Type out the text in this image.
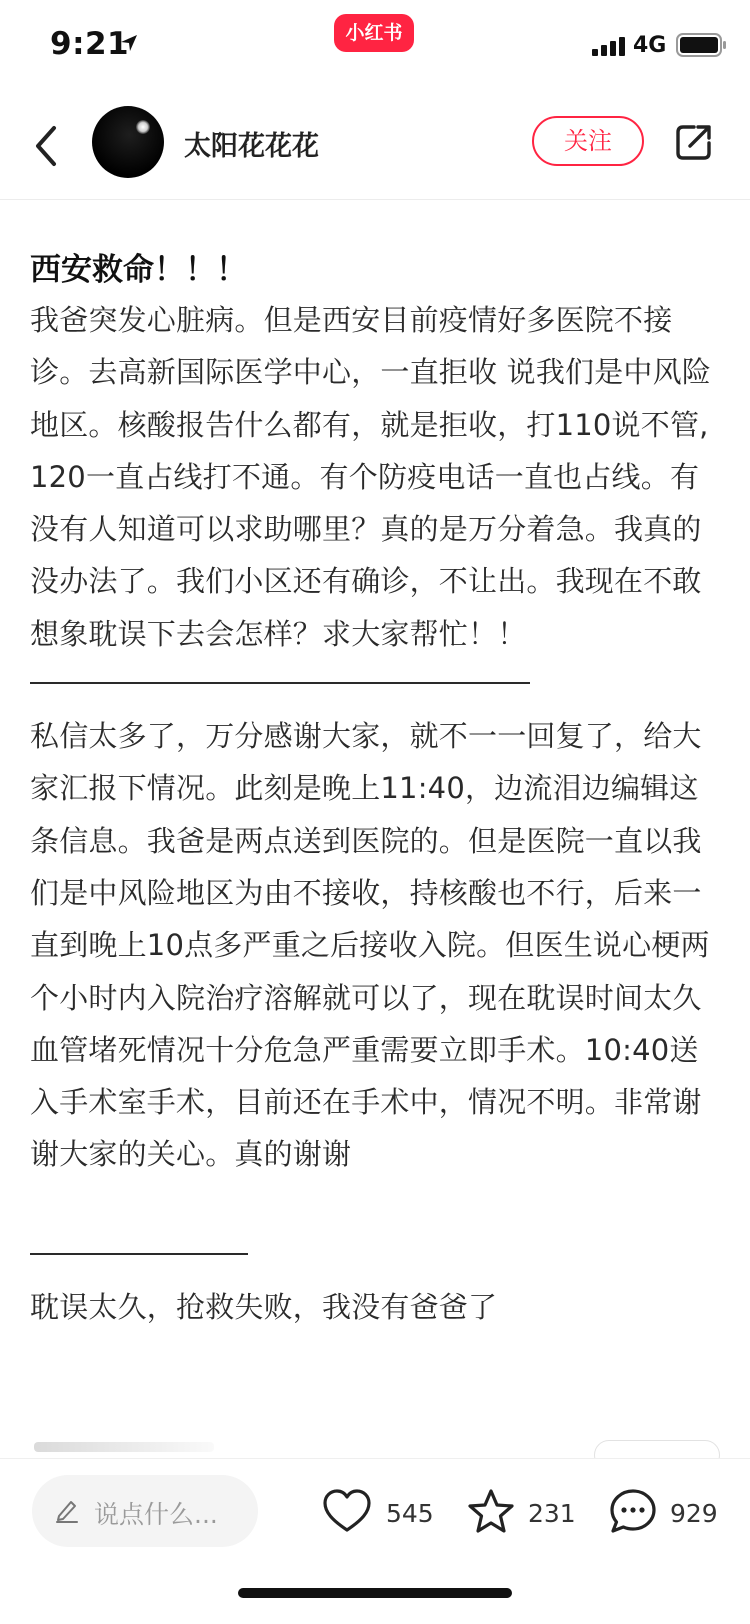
9:21	小红书	4G
太阳花花花	关注
西安救命！！！

我爸突发心脏病。但是西安目前疫情好多医院不接诊。去高新国际医学中心，一直拒收 说我们是中风险地区。核酸报告什么都有，就是拒收，打110说不管,120一直占线打不通。有个防疫电话一直也占线。有没有人知道可以求助哪里？真的是万分着急。我真的没办法了。我们小区还有确诊，不让出。我现在不敢想象耽误下去会怎样？求大家帮忙！！

私信太多了，万分感谢大家，就不一一回复了，给大家汇报下情况。此刻是晚上11:40，边流泪边编辑这条信息。我爸是两点送到医院的。但是医院一直以我们是中风险地区为由不接收，持核酸也不行，后来一直到晚上10点多严重之后接收入院。但医生说心梗两个小时内入院治疗溶解就可以了，现在耽误时间太久血管堵死情况十分危急严重需要立即手术。10:40送入手术室手术，目前还在手术中，情况不明。非常谢谢大家的关心。真的谢谢

耽误太久，抢救失败，我没有爸爸了

说点什么...	545	231	929
